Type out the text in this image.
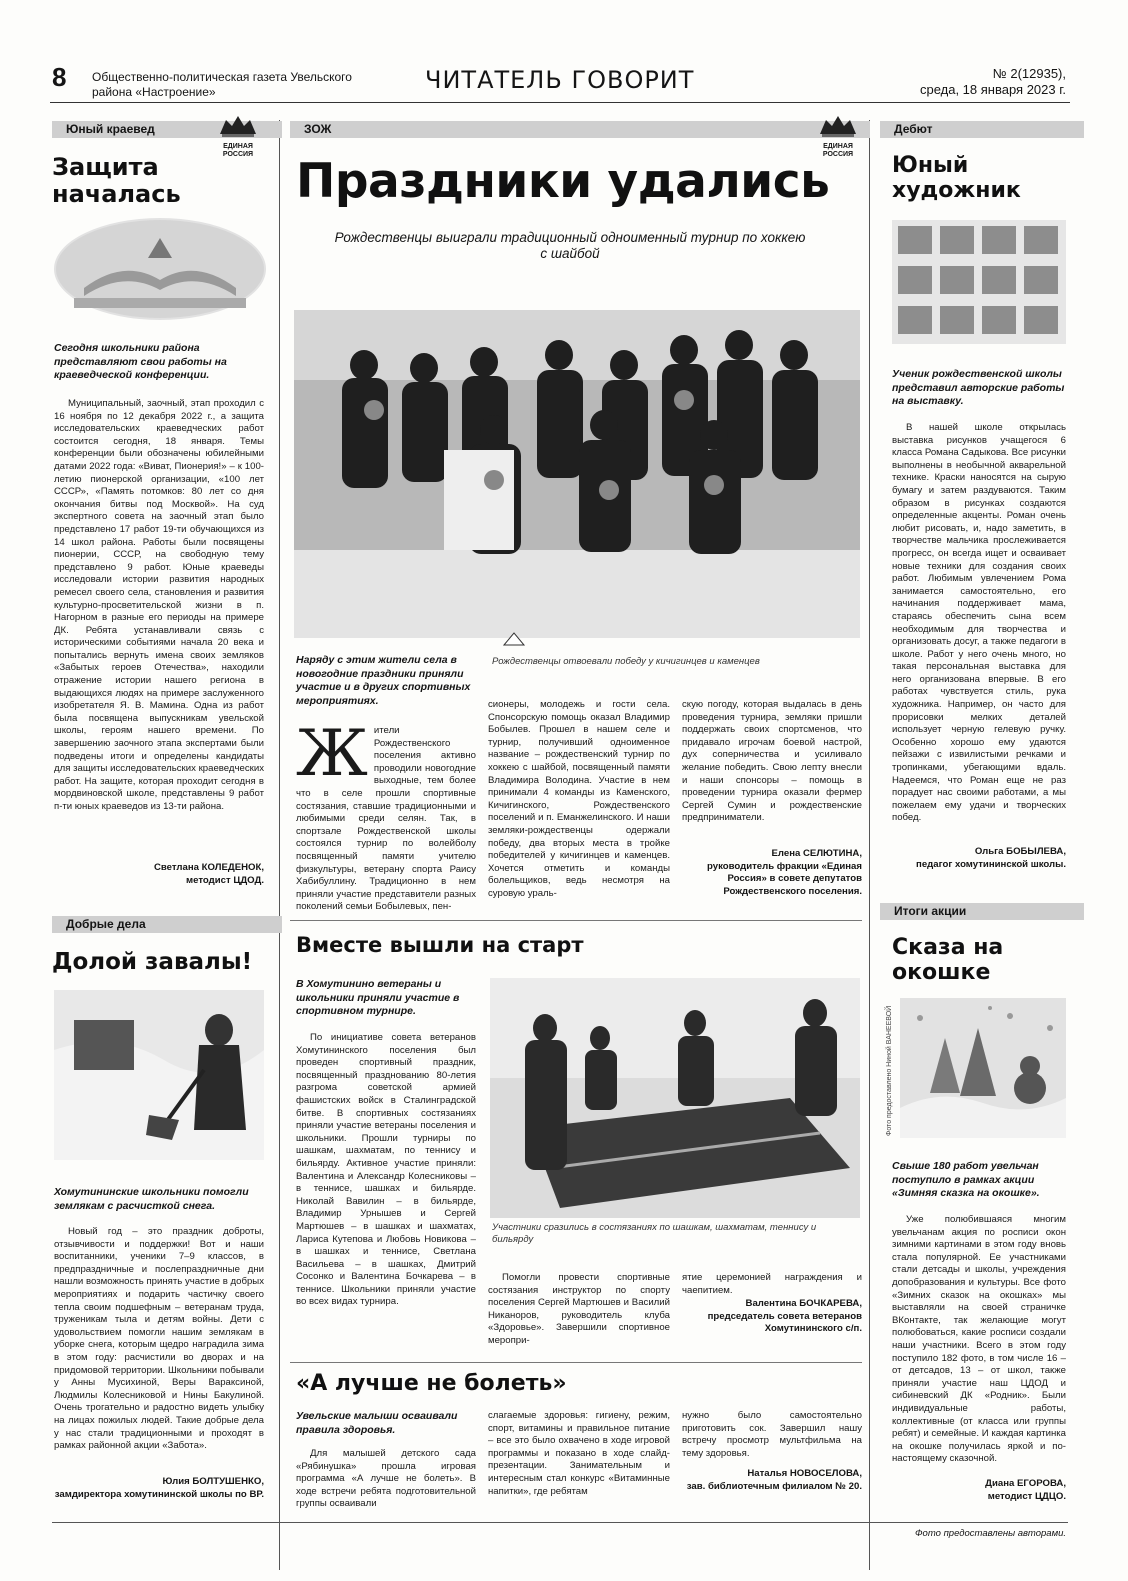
8 Общественно-политическая газета Увельского района «Настроение»	ЧИТАТЕЛЬ ГОВОРИТ	№ 2(12935),
среда, 18 января 2023 г.
Юный краевед
ЕДИНАЯ
РОССИЯ
Защита началась
Сегодня школьники района представляют свои работы на краеведческой конференции.
Муниципальный, заочный, этап проходил с 16 ноября по 12 декабря 2022 г., а защита исследовательских краеведческих работ состоится сегодня, 18 января. Темы конференции были обозначены юбилейными датами 2022 года: «Виват, Пионерия!» – к 100-летию пионерской организации, «100 лет СССР», «Память потомков: 80 лет со дня окончания битвы под Москвой». На суд экспертного совета на заочный этап было представлено 17 работ 19-ти обучающихся из 14 школ района. Работы были посвящены пионерии, СССР, на свободную тему представлено 9 работ. Юные краеведы исследовали истории развития народных ремесел своего села, становления и развития культурно-просветительской жизни в п. Нагорном в разные его периоды на примере ДК. Ребята устанавливали связь с историческими событиями начала 20 века и попытались вернуть имена своих земляков «Забытых героев Отечества», находили отражение истории нашего региона в выдающихся людях на примере заслуженного изобретателя Я. В. Мамина. Одна из работ была посвящена выпускникам увельской школы, героям нашего времени. По завершению заочного этапа экспертами были подведены итоги и определены кандидаты для защиты исследовательских краеведческих работ. На защите, которая проходит сегодня в мордвиновской школе, представлены 9 работ п-ти юных краеведов из 13-ти района.
Светлана КОЛЕДЕНОК,
методист ЦДОД.
Добрые дела
Долой завалы!
Хомутининские школьники помогли землякам с расчисткой снега.
Новый год – это праздник доброты, отзывчивости и поддержки! Вот и наши воспитанники, ученики 7–9 классов, в предпраздничные и послепраздничные дни нашли возможность принять участие в добрых мероприятиях и подарить частичку своего тепла своим подшефным – ветеранам труда, труженикам тыла и детям войны. Дети с удовольствием помогли нашим землякам в уборке снега, которым щедро наградила зима в этом году: расчистили во дворах и на придомовой территории. Школьники побывали у Анны Мусихиной, Веры Вараксиной, Людмилы Колесниковой и Нины Бакулиной. Очень трогательно и радостно видеть улыбку на лицах пожилых людей. Такие добрые дела у нас стали традиционными и проходят в рамках районной акции «Забота».
Юлия БОЛТУШЕНКО,
замдиректора хомутининской школы по ВР.
ЗОЖ
ЕДИНАЯ
РОССИЯ
Праздники удались
Рождественцы выиграли традиционный одноименный турнир по хоккею с шайбой
Рождественцы отвоевали победу у кичигинцев и каменцев
Наряду с этим жители села в новогодние праздники приняли участие и в других спортивных мероприятиях.
Жители Рождественского поселения активно проводили новогодние выходные, тем более что в селе прошли спортивные состязания, ставшие традиционными и любимыми среди селян. Так, в спортзале Рождественской школы состоялся турнир по волейболу посвященный памяти учителю физкультуры, ветерану спорта Раису Хабибуллину. Традиционно в нем приняли участие представители разных поколений семьи Бобылевых, пен-
сионеры, молодежь и гости села. Спонсорскую помощь оказал Владимир Бобылев. Прошел в нашем селе и турнир, получивший одноименное название – рождественский турнир по хоккею с шайбой, посвященный памяти Владимира Володина. Участие в нем принимали 4 команды из Каменского, Кичигинского, Рождественского поселений и п. Еманжелинского. И наши земляки-рождественцы одержали победу, два вторых места в тройке победителей у кичигинцев и каменцев. Хочется отметить и команды болельщиков, ведь несмотря на суровую ураль-
скую погоду, которая выдалась в день проведения турнира, земляки пришли поддержать своих спортсменов, что придавало игрочам боевой настрой, дух соперничества и усиливало желание победить. Свою лепту внесли и наши спонсоры – помощь в проведении турнира оказали фермер Сергей Сумин и рождественские предприниматели.
Елена СЕЛЮТИНА,
руководитель фракции «Единая Россия» в совете депутатов Рождественского поселения.
Вместе вышли на старт
В Хомутинино ветераны и школьники приняли участие в спортивном турнире.
По инициативе совета ветеранов Хомутининского поселения был проведен спортивный праздник, посвященный празднованию 80-летия разгрома советской армией фашистских войск в Сталинградской битве. В спортивных состязаниях приняли участие ветераны поселения и школьники. Прошли турниры по шашкам, шахматам, по теннису и бильярду. Активное участие приняли: Валентина и Александр Колесниковы – в теннисе, шашках и бильярде. Николай Вавилин – в бильярде, Владимир Урнышев и Сергей Мартюшев – в шашках и шахматах, Лариса Кутепова и Любовь Новикова – в шашках и теннисе, Светлана Васильева – в шашках, Дмитрий Сосонко и Валентина Бочкарева – в теннисе. Школьники приняли участие во всех видах турнира.
Участники сразились в состязаниях по шашкам, шахматам, теннису и бильярду
Помогли провести спортивные состязания инструктор по спорту поселения Сергей Мартюшев и Василий Никаноров, руководитель клуба «Здоровье». Завершили спортивное меропри-
ятие церемонией награждения и чаепитием.
Валентина БОЧКАРЕВА,
председатель совета ветеранов Хомутининского с/п.
«А лучше не болеть»
Увельские малыши осваивали правила здоровья.
Для малышей детского сада «Рябинушка» прошла игровая программа «А лучше не болеть». В ходе встречи ребята подготовительной группы осваивали
слагаемые здоровья: гигиену, режим, спорт, витамины и правильное питание – все это было охвачено в ходе игровой программы и показано в ходе слайд-презентации. Занимательным и интересным стал конкурс «Витаминные напитки», где ребятам
нужно было самостоятельно приготовить сок. Завершил нашу встречу просмотр мультфильма на тему здоровья.
Наталья НОВОСЕЛОВА,
зав. библиотечным филиалом № 20.
Дебют
Юный художник
Ученик рождественской школы представил авторские работы на выставку.
В нашей школе открылась выставка рисунков учащегося 6 класса Романа Садыкова. Все рисунки выполнены в необычной акварельной технике. Краски наносятся на сырую бумагу и затем раздуваются. Таким образом в рисунках создаются определенные акценты. Роман очень любит рисовать, и, надо заметить, в творчестве мальчика прослеживается прогресс, он всегда ищет и осваивает новые техники для создания своих работ. Любимым увлечением Рома занимается самостоятельно, его начинания поддерживает мама, стараясь обеспечить сына всем необходимым для творчества и организовать досуг, а также педагоги в школе. Работ у него очень много, но такая персональная выставка для него организована впервые. В его работах чувствуется стиль, рука художника. Например, он часто для прорисовки мелких деталей использует черную гелевую ручку. Особенно хорошо ему удаются пейзажи с извилистыми речками и тропинками, убегающими вдаль. Надеемся, что Роман еще не раз порадует нас своими работами, а мы пожелаем ему удачи и творческих побед.
Ольга БОБЫЛЕВА,
педагог хомутининской школы.
Итоги акции
Сказа на окошке
Фото предоставлено Ниной ВАНЕЕВОЙ
Свыше 180 работ увельчан поступило в рамках акции «Зимняя сказка на окошке».
Уже полюбившаяся многим увельчанам акция по росписи окон зимними картинами в этом году вновь стала популярной. Ее участниками стали детсады и школы, учреждения допобразования и культуры. Все фото «Зимних сказок на окошках» мы выставляли на своей страничке ВКонтакте, так желающие могут полюбоваться, какие росписи создали наши участники. Всего в этом году поступило 182 фото, в том числе 16 – от детсадов, 13 – от школ, также приняли участие наш ЦДОД и сибиневский ДК «Родник». Были индивидуальные работы, коллективные (от класса или группы ребят) и семейные. И каждая картинка на окошке получилась яркой и по-настоящему сказочной.
Диана ЕГОРОВА,
методист ЦДЦО.
Фото предоставлены авторами.
